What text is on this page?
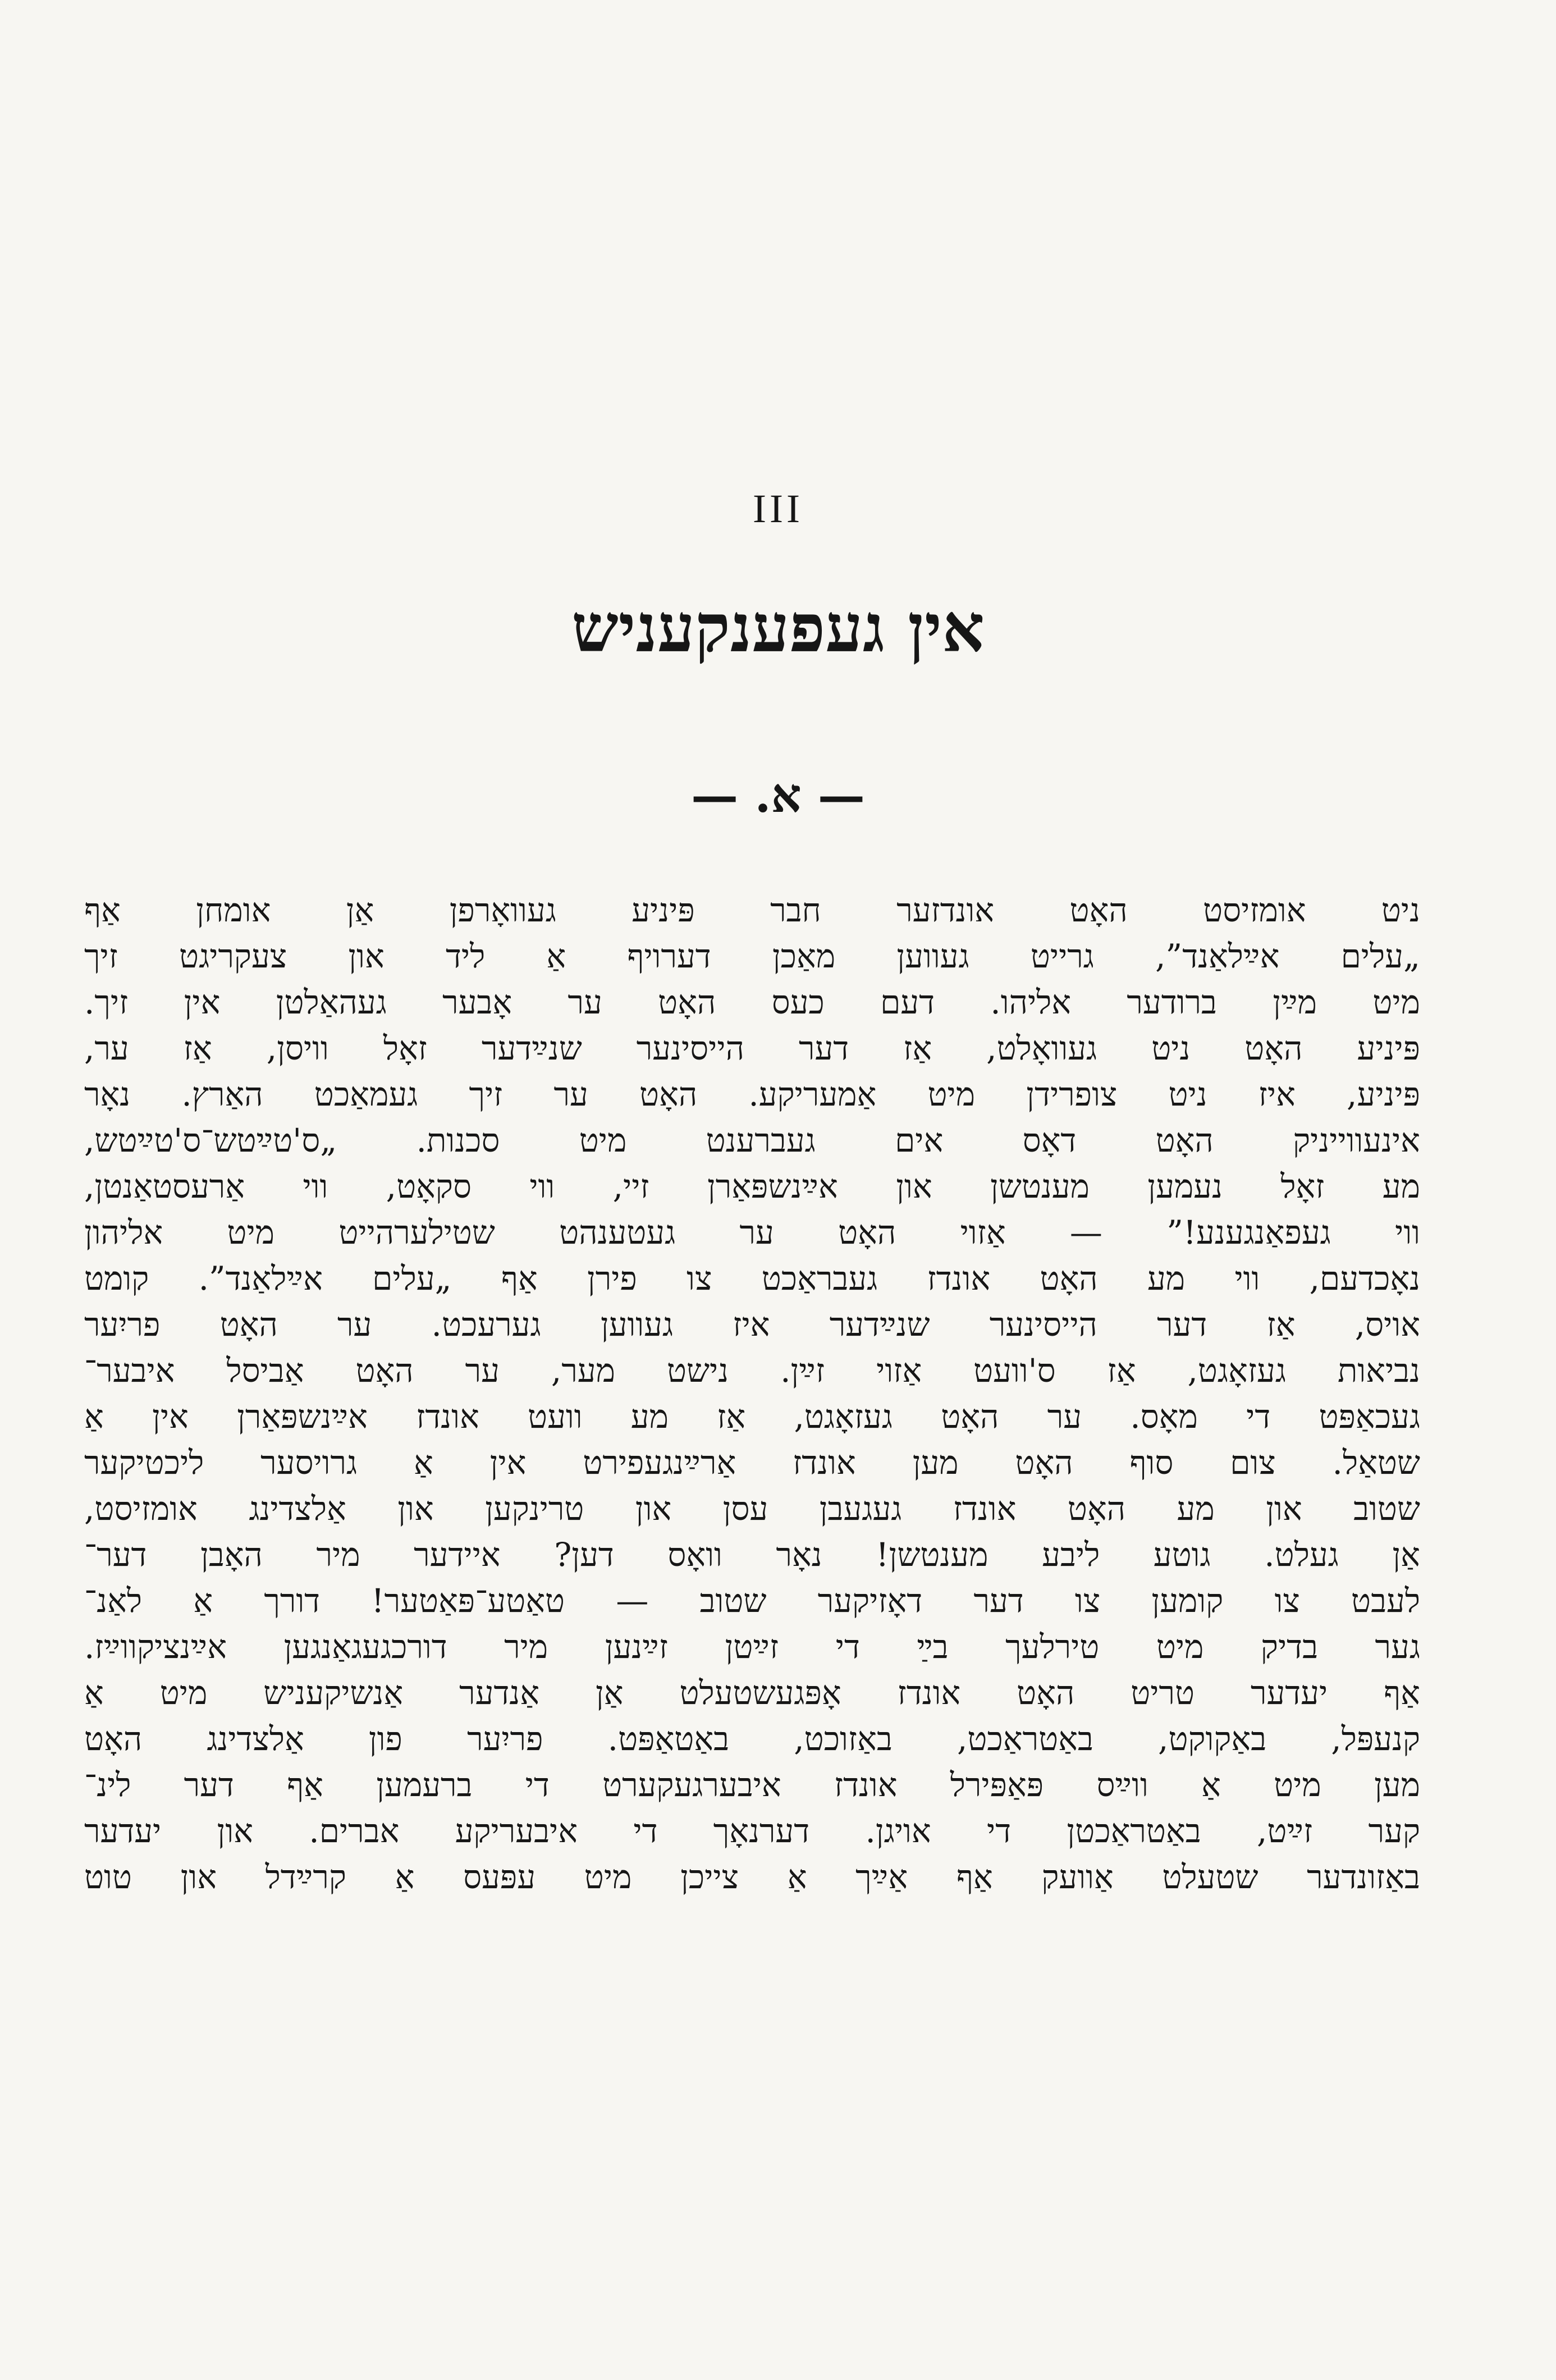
III
אין געפענקעניש
— א. —
ניט אומזיסט האָט אונדזער חבר פּיניע געוואָרפן אַן אומחן אַף
„עלים אײַלאַנד”, גרייט געווען מאַכן דערויף אַ ליד און צעקריגט זיך
מיט מײַן ברודער אליהו. דעם כעס האָט ער אָבער געהאַלטן אין זיך.
פּיניע האָט ניט געוואָלט, אַז דער הייסינער שנײַדער זאָל וויסן, אַז ער,
פּיניע, איז ניט צופרידן מיט אַמעריקע. האָט ער זיך געמאַכט האַרץ. נאָר
אינעווייניק האָט דאָס אים געברענט מיט סכנות. „ס'טײַטש־ס'טײַטש,
מע זאָל נעמען מענטשן און אײַנשפּאַרן זיי, ווי סקאָט, ווי אַרעסטאַנטן,
ווי געפאַנגענע!” — אַזוי האָט ער געטענהט שטילערהייט מיט אליהון
נאָכדעם, ווי מע האָט אונדז געבראַכט צו פירן אַף „עלים אײַלאַנד”. קומט
אויס, אַז דער הייסינער שנײַדער איז געווען גערעכט. ער האָט פריִער
נביאות געזאָגט, אַז ס'וועט אַזוי זײַן. נישט מער, ער האָט אַביסל איבער־
געכאַפּט די מאָס. ער האָט געזאָגט, אַז מע וועט אונדז אײַנשפּאַרן אין אַ
שטאַל. צום סוף האָט מען אונדז אַרײַנגעפירט אין אַ גרויסער ליכטיקער
שטוב און מע האָט אונדז געגעבן עסן און טרינקען און אַלצדינג אומזיסט,
אַן געלט. גוטע ליבע מענטשן! נאָר וואָס דען? איידער מיר האָבן דער־
לעבט צו קומען צו דער דאָזיקער שטוב — טאַטע־פּאַטער! דורך אַ לאַנ־
גער בדיק מיט טירלעך בײַ די זײַטן זײַנען מיר דורכגעגאַנגען אײַנציקווײַז.
אַף יעדער טריט האָט אונדז אָפּגעשטעלט אַן אַנדער אַנשיקעניש מיט אַ
קנעפּל, באַקוקט, באַטראַכט, באַזוכט, באַטאַפּט. פריִער פון אַלצדינג האָט
מען מיט אַ ווײַס פּאַפּירל אונדז איבערגעקערט די ברעמען אַף דער לינ־
קער זײַט, באַטראַכטן די אויגן. דערנאָך די איבעריקע אברים. און יעדער
באַזונדער שטעלט אַוועק אַף אַײַך אַ צייכן מיט עפּעס אַ קרײַדל און טוט
